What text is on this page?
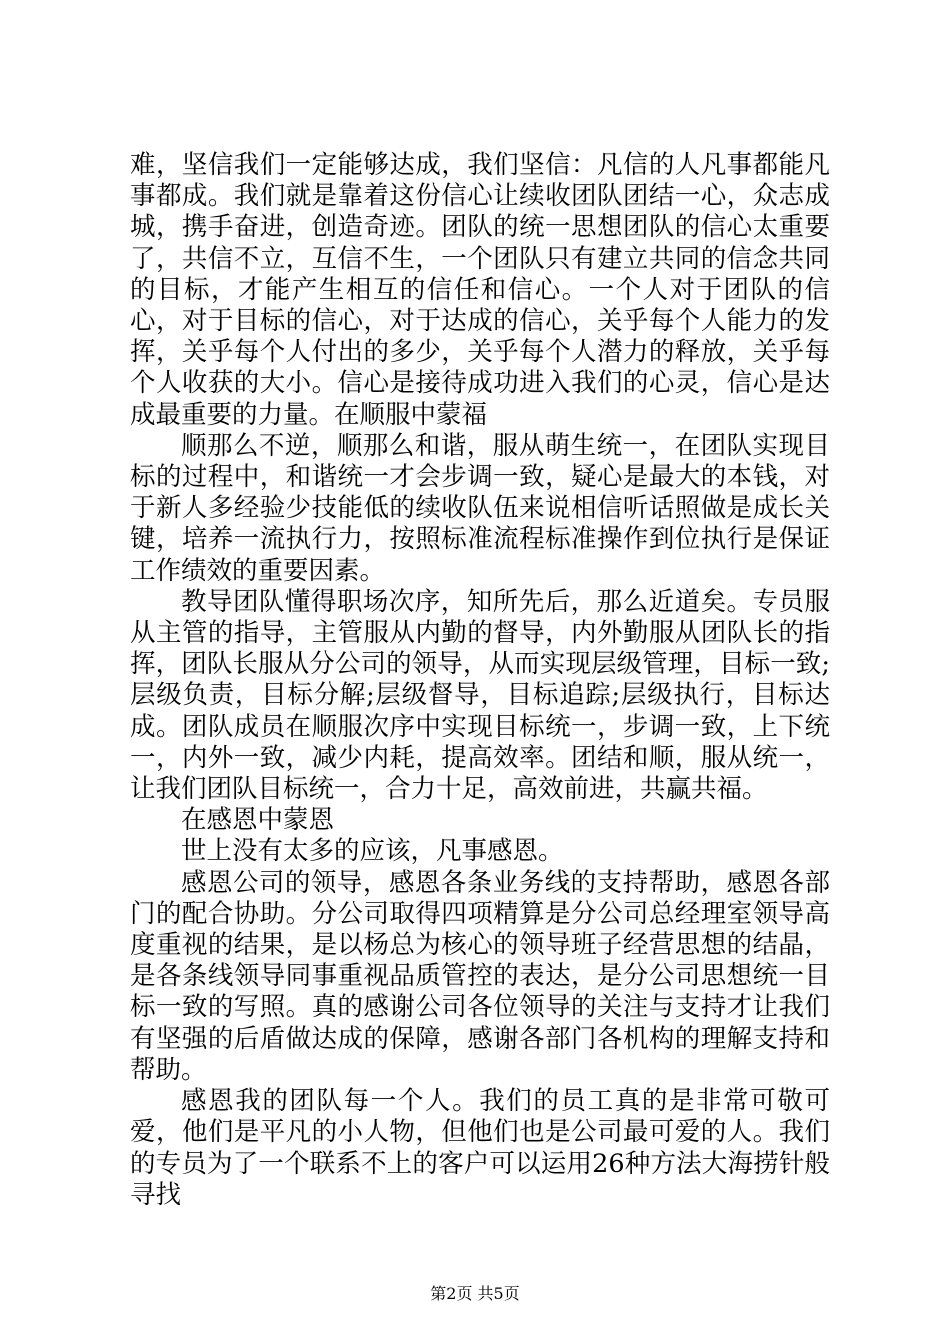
难，坚信我们一定能够达成，我们坚信：凡信的人凡事都能凡事都成。我们就是靠着这份信心让续收团队团结一心，众志成城，携手奋进，创造奇迹。团队的统一思想团队的信心太重要了，共信不立，互信不生，一个团队只有建立共同的信念共同的目标，才能产生相互的信任和信心。一个人对于团队的信心，对于目标的信心，对于达成的信心，关乎每个人能力的发挥，关乎每个人付出的多少，关乎每个人潜力的释放，关乎每个人收获的大小。信心是接待成功进入我们的心灵，信心是达成最重要的力量。在顺服中蒙福

顺那么不逆，顺那么和谐，服从萌生统一，在团队实现目标的过程中，和谐统一才会步调一致，疑心是最大的本钱，对于新人多经验少技能低的续收队伍来说相信听话照做是成长关键，培养一流执行力，按照标准流程标准操作到位执行是保证工作绩效的重要因素。

教导团队懂得职场次序，知所先后，那么近道矣。专员服从主管的指导，主管服从内勤的督导，内外勤服从团队长的指挥，团队长服从分公司的领导，从而实现层级管理，目标一致;层级负责，目标分解;层级督导，目标追踪;层级执行，目标达成。团队成员在顺服次序中实现目标统一，步调一致，上下统一，内外一致，减少内耗，提高效率。团结和顺，服从统一，让我们团队目标统一，合力十足，高效前进，共赢共福。

在感恩中蒙恩

世上没有太多的应该，凡事感恩。

感恩公司的领导，感恩各条业务线的支持帮助，感恩各部门的配合协助。分公司取得四项精算是分公司总经理室领导高度重视的结果，是以杨总为核心的领导班子经营思想的结晶，是各条线领导同事重视品质管控的表达，是分公司思想统一目标一致的写照。真的感谢公司各位领导的关注与支持才让我们有坚强的后盾做达成的保障，感谢各部门各机构的理解支持和帮助。

感恩我的团队每一个人。我们的员工真的是非常可敬可爱，他们是平凡的小人物，但他们也是公司最可爱的人。我们的专员为了一个联系不上的客户可以运用26种方法大海捞针般寻找

第2页 共5页
